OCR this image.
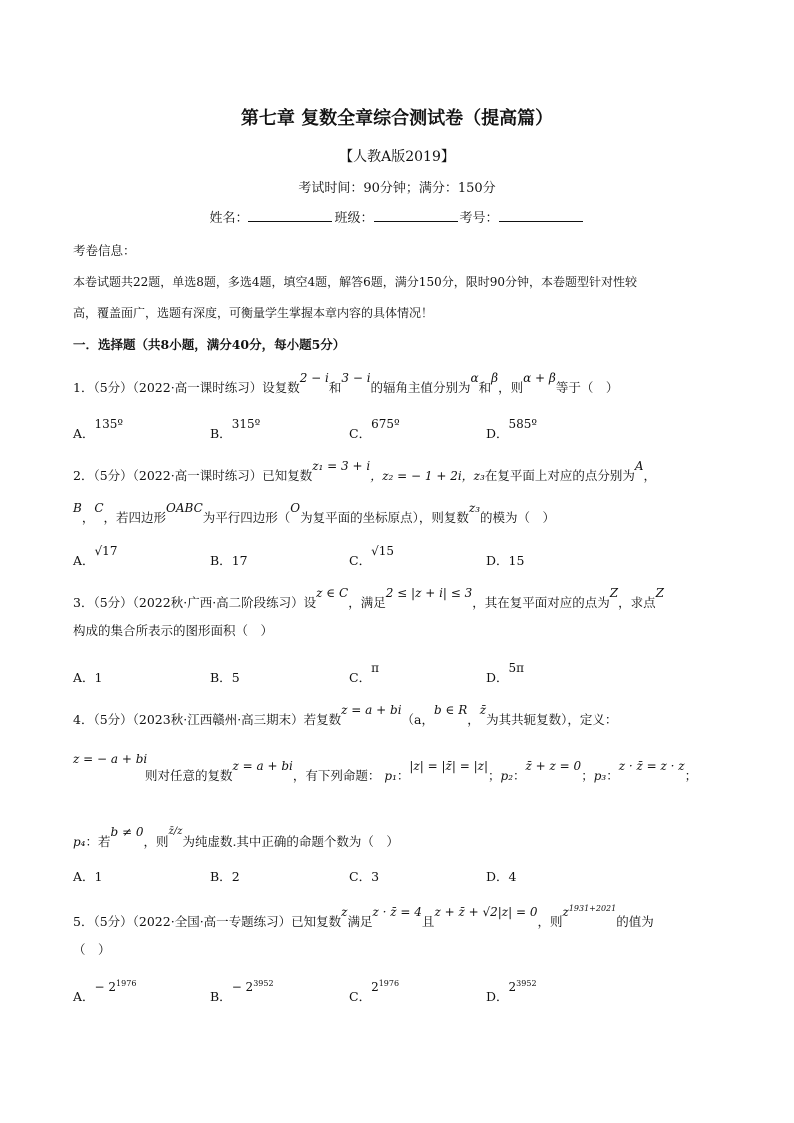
第七章 复数全章综合测试卷（提高篇）
【人教A版2019】
考试时间：90分钟；满分：150分
姓名：	班级：	考号：
考卷信息：
本卷试题共22题，单选8题，多选4题，填空4题，解答6题，满分150分，限时90分钟，本卷题型针对性较
高，覆盖面广，选题有深度，可衡量学生掌握本章内容的具体情况！
一．选择题（共8小题，满分40分，每小题5分）
1．（5分）（2022·高一课时练习）设复数2 − i和3 − i的辐角主值分别为α和β，则α + β等于（　）
A．135º
B．315º
C．675º
D．585º
2．（5分）（2022·高一课时练习）已知复数z₁ = 3 + i，z₂ = − 1 + 2i，z₃在复平面上对应的点分别为A，
B，C，若四边形OABC为平行四边形（O为复平面的坐标原点），则复数z₃的模为（　）
A．√17
B．17	C．√15
D．15
3．（5分）（2022秋·广西·高二阶段练习）设z ∈ C，满足2 ≤ |z + i| ≤ 3，其在复平面对应的点为Z，求点Z
构成的集合所表示的图形面积（　）
A．1	B．5	C．π
D．5π
4．（5分）（2023秋·江西赣州·高三期末）若复数z = a + bi（a，b ∈ R，z̄为其共轭复数），定义：
z = − a + bi
则对任意的复数z = a + bi，有下列命题： p₁：|z| = |z̄| = |z|；p₂：z̄ + z = 0；p₃：z · z̄ = z · z；
p₄：若b ≠ 0，则$^{z̄/z}$为纯虚数.其中正确的命题个数为（　）
A．1	B．2	C．3	D．4
5．（5分）（2022·全国·高一专题练习）已知复数z满足z · z̄ = 4且z + z̄ + √2|z| = 0，则$z^{1931+2021}$的值为
（　）
A．− $2^{1976}$
B．− $2^{3952}$
C．$2^{1976}$
D．$2^{3952}$
